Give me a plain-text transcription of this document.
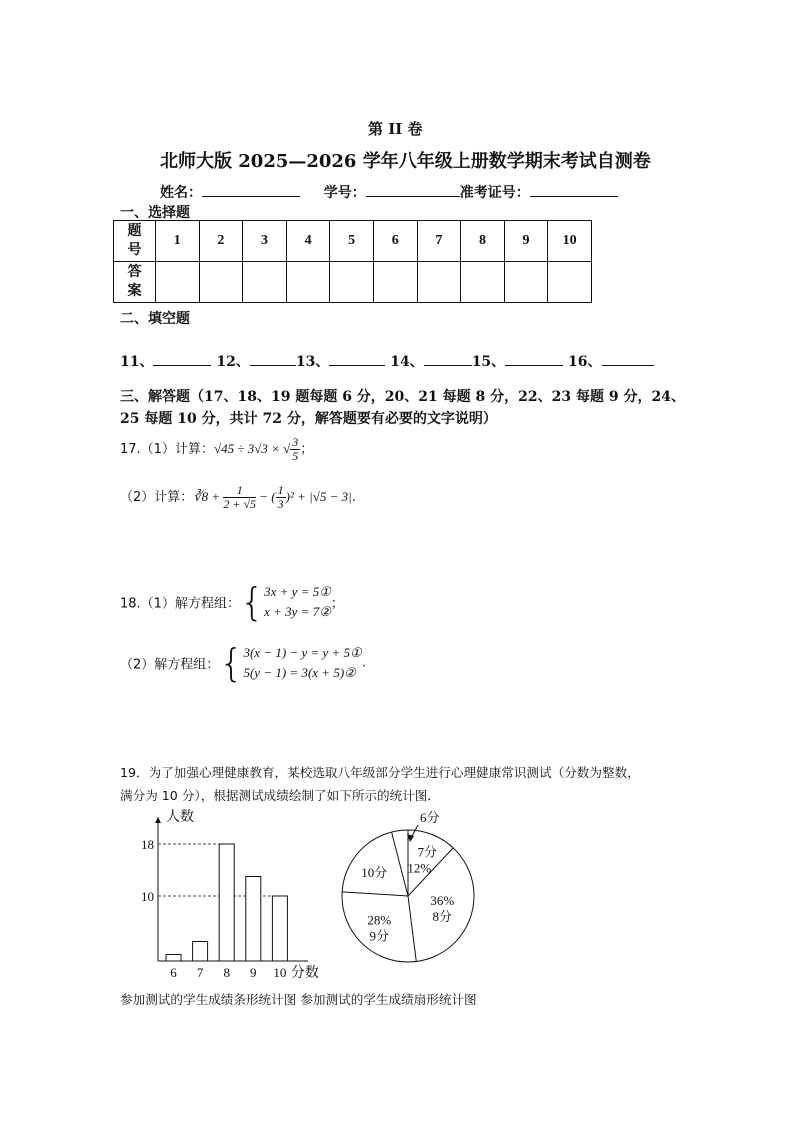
第 II 卷
北师大版 2025—2026 学年八年级上册数学期末考试自测卷
姓名：	学号：	准考证号：
一、选择题
题号	1	2	3	4	5	6	7	8	9	10
答案										
二、填空题
11、	12、	13、	14、	15、	16、
三、解答题（17、18、19 题每题 6 分，20、21 每题 8 分，22、23 每题 9 分，24、
25 每题 10 分，共计 72 分，解答题要有必要的文字说明）
17.（1）计算：√45 ÷ 3√3 × √ $\frac{3}{5}$ ；
（2）计算：∛8 + $\frac{1}{2 + √5}$ − ( $\frac{1}{3} )^2 + |√5 - 3|$.
18.（1）解方程组：{ 3x + y = 5①
x + 3y = 7② ；
（2）解方程组：{ 3(x − 1) − y = y + 5①
5(y − 1) = 3(x + 5)②
.
19．为了加强心理健康教育，某校选取八年级部分学生进行心理健康常识测试（分数为整数，
满分为 10 分），根据测试成绩绘制了如下所示的统计图．
人数
分数
10
18
6 7 8 9 10
6分
7分
12%
36%
8分
28%
9分
10分
参加测试的学生成绩条形统计图 参加测试的学生成绩扇形统计图
